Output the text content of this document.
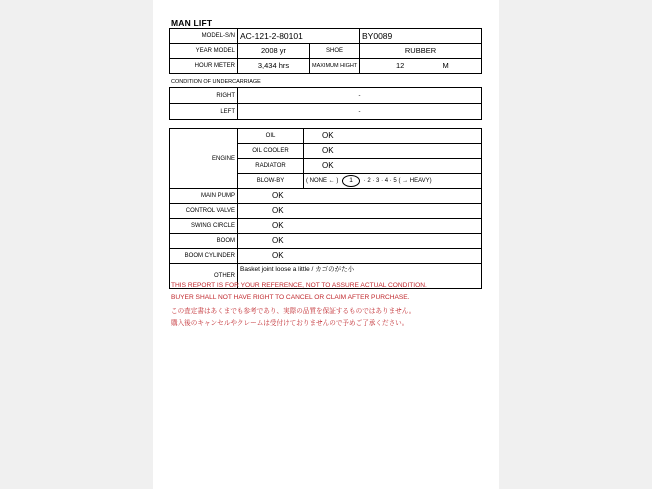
MAN LIFT
MODEL-S/N	AC-121-2-80101		BY0089
YEAR MODEL	2008 yr	SHOE	RUBBER
HOUR METER	3,434 hrs	MAXIMUM HIGHT	12 M
CONDITION OF UNDERCARRIAGE
RIGHT	-
LEFT	-
ENGINE	OIL	OK
	OIL COOLER	OK
	RADIATOR	OK
	BLOW-BY	( NONE ← ) 1 · 2 · 3 · 4 · 5 ( → HEAVY)
MAIN PUMP	OK	
CONTROL VALVE	OK	
SWING CIRCLE	OK	
BOOM	OK	
BOOM CYLINDER	OK	
OTHER	Basket joint loose a little / カゴのがた小	
THIS REPORT IS FOR YOUR REFERENCE, NOT TO ASSURE ACTUAL CONDITION.
BUYER SHALL NOT HAVE RIGHT TO CANCEL OR CLAIM AFTER PURCHASE.
この査定書はあくまでも参考であり、実際の品質を保証するものではありません。
購入後のキャンセルやクレームは受付けておりませんので予めご了承ください。
